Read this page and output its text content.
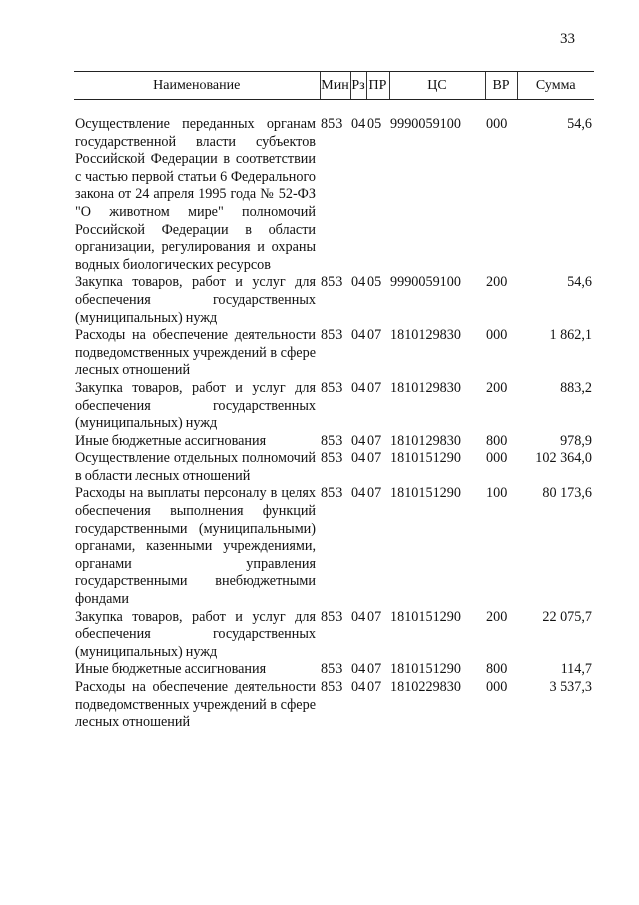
33
Наименование	Мин	Рз	ПР	ЦС	ВР	Сумма

Осуществление переданных органам государственной власти субъектов Российской Федерации в соответствии с частью первой статьи 6 Федерального закона от 24 апреля 1995 года № 52-ФЗ "О животном мире" полномочий Российской Федерации в области организации, регулирования и охраны водных биологических ресурсов	853	04	05	9990059100	000	54,6
Закупка товаров, работ и услуг для обеспечения государственных (муниципальных) нужд	853	04	05	9990059100	200	54,6
Расходы на обеспечение деятельности подведомственных учреждений в сфере лесных отношений	853	04	07	1810129830	000	1 862,1
Закупка товаров, работ и услуг для обеспечения государственных (муниципальных) нужд	853	04	07	1810129830	200	883,2
Иные бюджетные ассигнования	853	04	07	1810129830	800	978,9
Осуществление отдельных полномочий в области лесных отношений	853	04	07	1810151290	000	102 364,0
Расходы на выплаты персоналу в целях обеспечения выполнения функций государственными (муниципальными) органами, казенными учреждениями, органами управления государственными внебюджетными фондами	853	04	07	1810151290	100	80 173,6
Закупка товаров, работ и услуг для обеспечения государственных (муниципальных) нужд	853	04	07	1810151290	200	22 075,7
Иные бюджетные ассигнования	853	04	07	1810151290	800	114,7
Расходы на обеспечение деятельности подведомственных учреждений в сфере лесных отношений	853	04	07	1810229830	000	3 537,3
